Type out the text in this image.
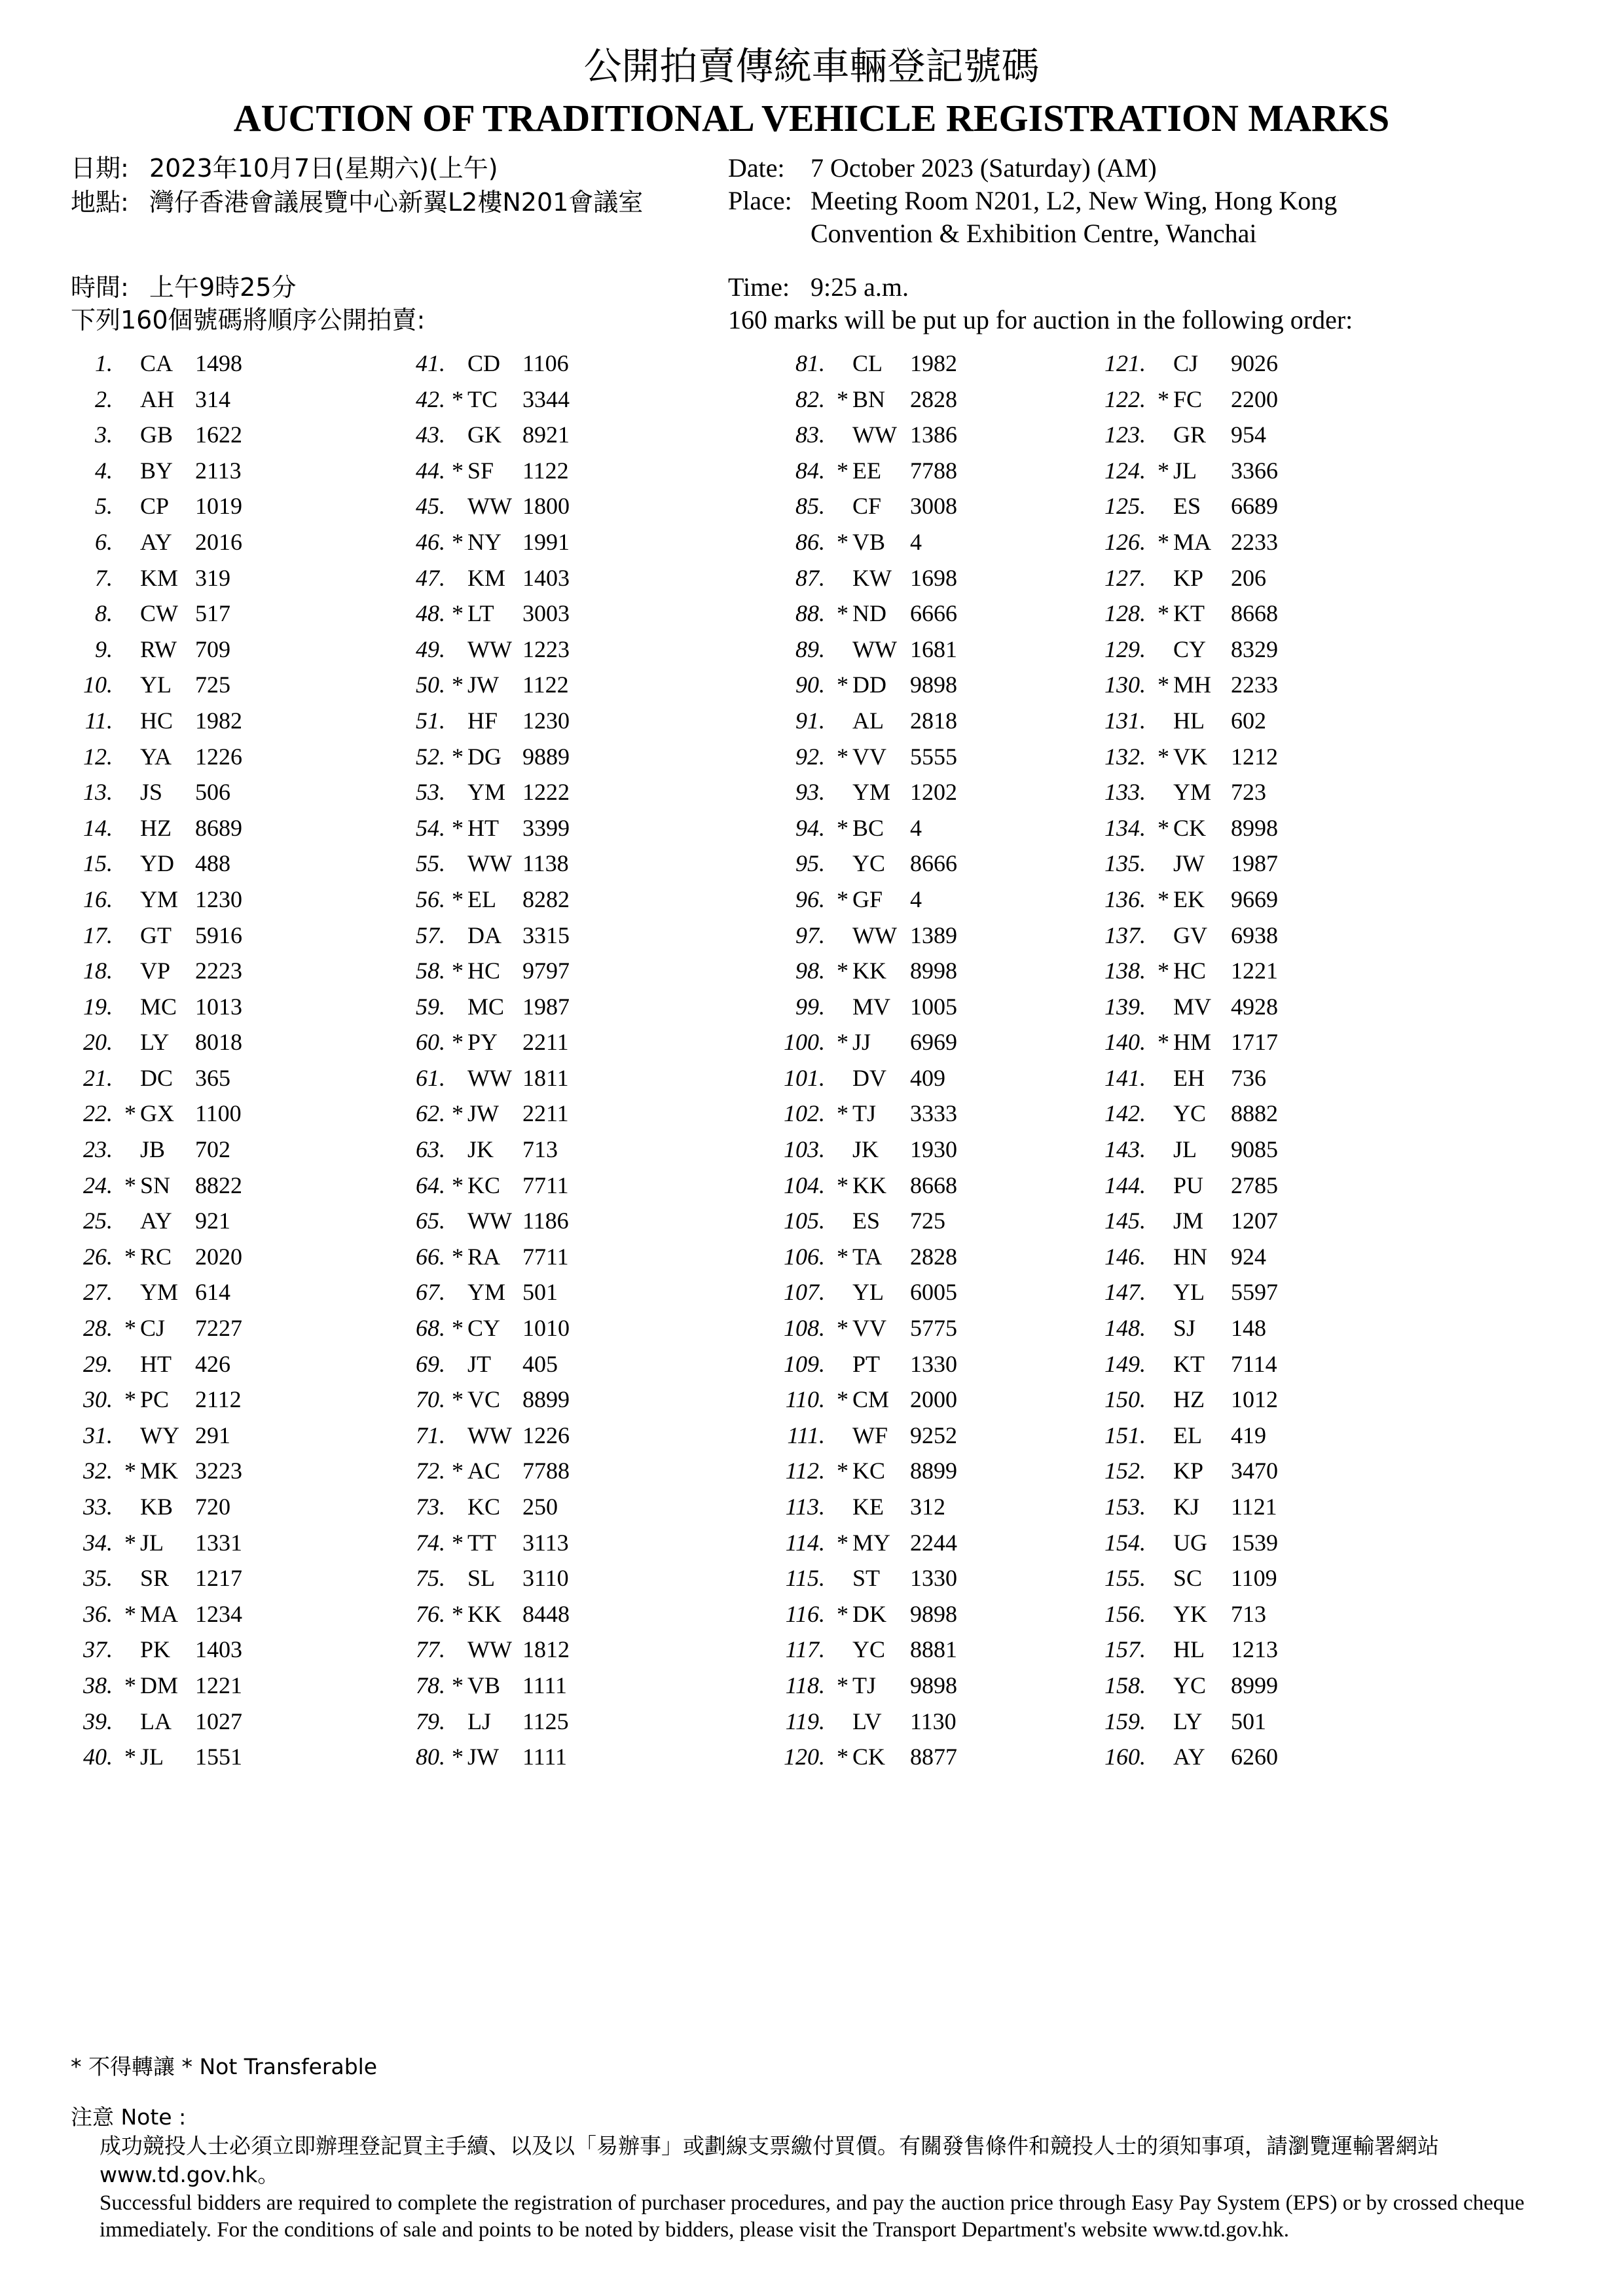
公開拍賣傳統車輛登記號碼
AUCTION OF TRADITIONAL VEHICLE REGISTRATION MARKS
日期: 2023年10月7日(星期六)(上午)
地點: 灣仔香港會議展覽中心新翼L2樓N201會議室
時間: 上午9時25分
下列160個號碼將順序公開拍賣:
Date: 7 October 2023 (Saturday) (AM)
Place: Meeting Room N201, L2, New Wing, Hong Kong
Convention & Exhibition Centre, Wanchai
Time: 9:25 a.m.
160 marks will be put up for auction in the following order:
1. CA 1498
2. AH 314
3. GB 1622
4. BY 2113
5. CP 1019
6. AY 2016
7. KM 319
8. CW 517
9. RW 709
10. YL 725
11. HC 1982
12. YA 1226
13. JS 506
14. HZ 8689
15. YD 488
16. YM 1230
17. GT 5916
18. VP 2223
19. MC 1013
20. LY 8018
21. DC 365
22. * GX 1100
23. JB 702
24. * SN 8822
25. AY 921
26. * RC 2020
27. YM 614
28. * CJ 7227
29. HT 426
30. * PC 2112
31. WY 291
32. * MK 3223
33. KB 720
34. * JL 1331
35. SR 1217
36. * MA 1234
37. PK 1403
38. * DM 1221
39. LA 1027
40. * JL 1551
41. CD 1106
42. * TC 3344
43. GK 8921
44. * SF 1122
45. WW 1800
46. * NY 1991
47. KM 1403
48. * LT 3003
49. WW 1223
50. * JW 1122
51. HF 1230
52. * DG 9889
53. YM 1222
54. * HT 3399
55. WW 1138
56. * EL 8282
57. DA 3315
58. * HC 9797
59. MC 1987
60. * PY 2211
61. WW 1811
62. * JW 2211
63. JK 713
64. * KC 7711
65. WW 1186
66. * RA 7711
67. YM 501
68. * CY 1010
69. JT 405
70. * VC 8899
71. WW 1226
72. * AC 7788
73. KC 250
74. * TT 3113
75. SL 3110
76. * KK 8448
77. WW 1812
78. * VB 1111
79. LJ 1125
80. * JW 1111
81. CL 1982
82. * BN 2828
83. WW 1386
84. * EE 7788
85. CF 3008
86. * VB 4
87. KW 1698
88. * ND 6666
89. WW 1681
90. * DD 9898
91. AL 2818
92. * VV 5555
93. YM 1202
94. * BC 4
95. YC 8666
96. * GF 4
97. WW 1389
98. * KK 8998
99. MV 1005
100. * JJ 6969
101. DV 409
102. * TJ 3333
103. JK 1930
104. * KK 8668
105. ES 725
106. * TA 2828
107. YL 6005
108. * VV 5775
109. PT 1330
110. * CM 2000
111. WF 9252
112. * KC 8899
113. KE 312
114. * MY 2244
115. ST 1330
116. * DK 9898
117. YC 8881
118. * TJ 9898
119. LV 1130
120. * CK 8877
121. CJ 9026
122. * FC 2200
123. GR 954
124. * JL 3366
125. ES 6689
126. * MA 2233
127. KP 206
128. * KT 8668
129. CY 8329
130. * MH 2233
131. HL 602
132. * VK 1212
133. YM 723
134. * CK 8998
135. JW 1987
136. * EK 9669
137. GV 6938
138. * HC 1221
139. MV 4928
140. * HM 1717
141. EH 736
142. YC 8882
143. JL 9085
144. PU 2785
145. JM 1207
146. HN 924
147. YL 5597
148. SJ 148
149. KT 7114
150. HZ 1012
151. EL 419
152. KP 3470
153. KJ 1121
154. UG 1539
155. SC 1109
156. YK 713
157. HL 1213
158. YC 8999
159. LY 501
160. AY 6260
* 不得轉讓 * Not Transferable
注意 Note :
成功競投人士必須立即辦理登記買主手續、以及以「易辦事」或劃線支票繳付買價。有關發售條件和競投人士的須知事項，請瀏覽運輸署網站
www.td.gov.hk。
Successful bidders are required to complete the registration of purchaser procedures, and pay the auction price through Easy Pay System (EPS) or by crossed cheque
immediately. For the conditions of sale and points to be noted by bidders, please visit the Transport Department's website www.td.gov.hk.
